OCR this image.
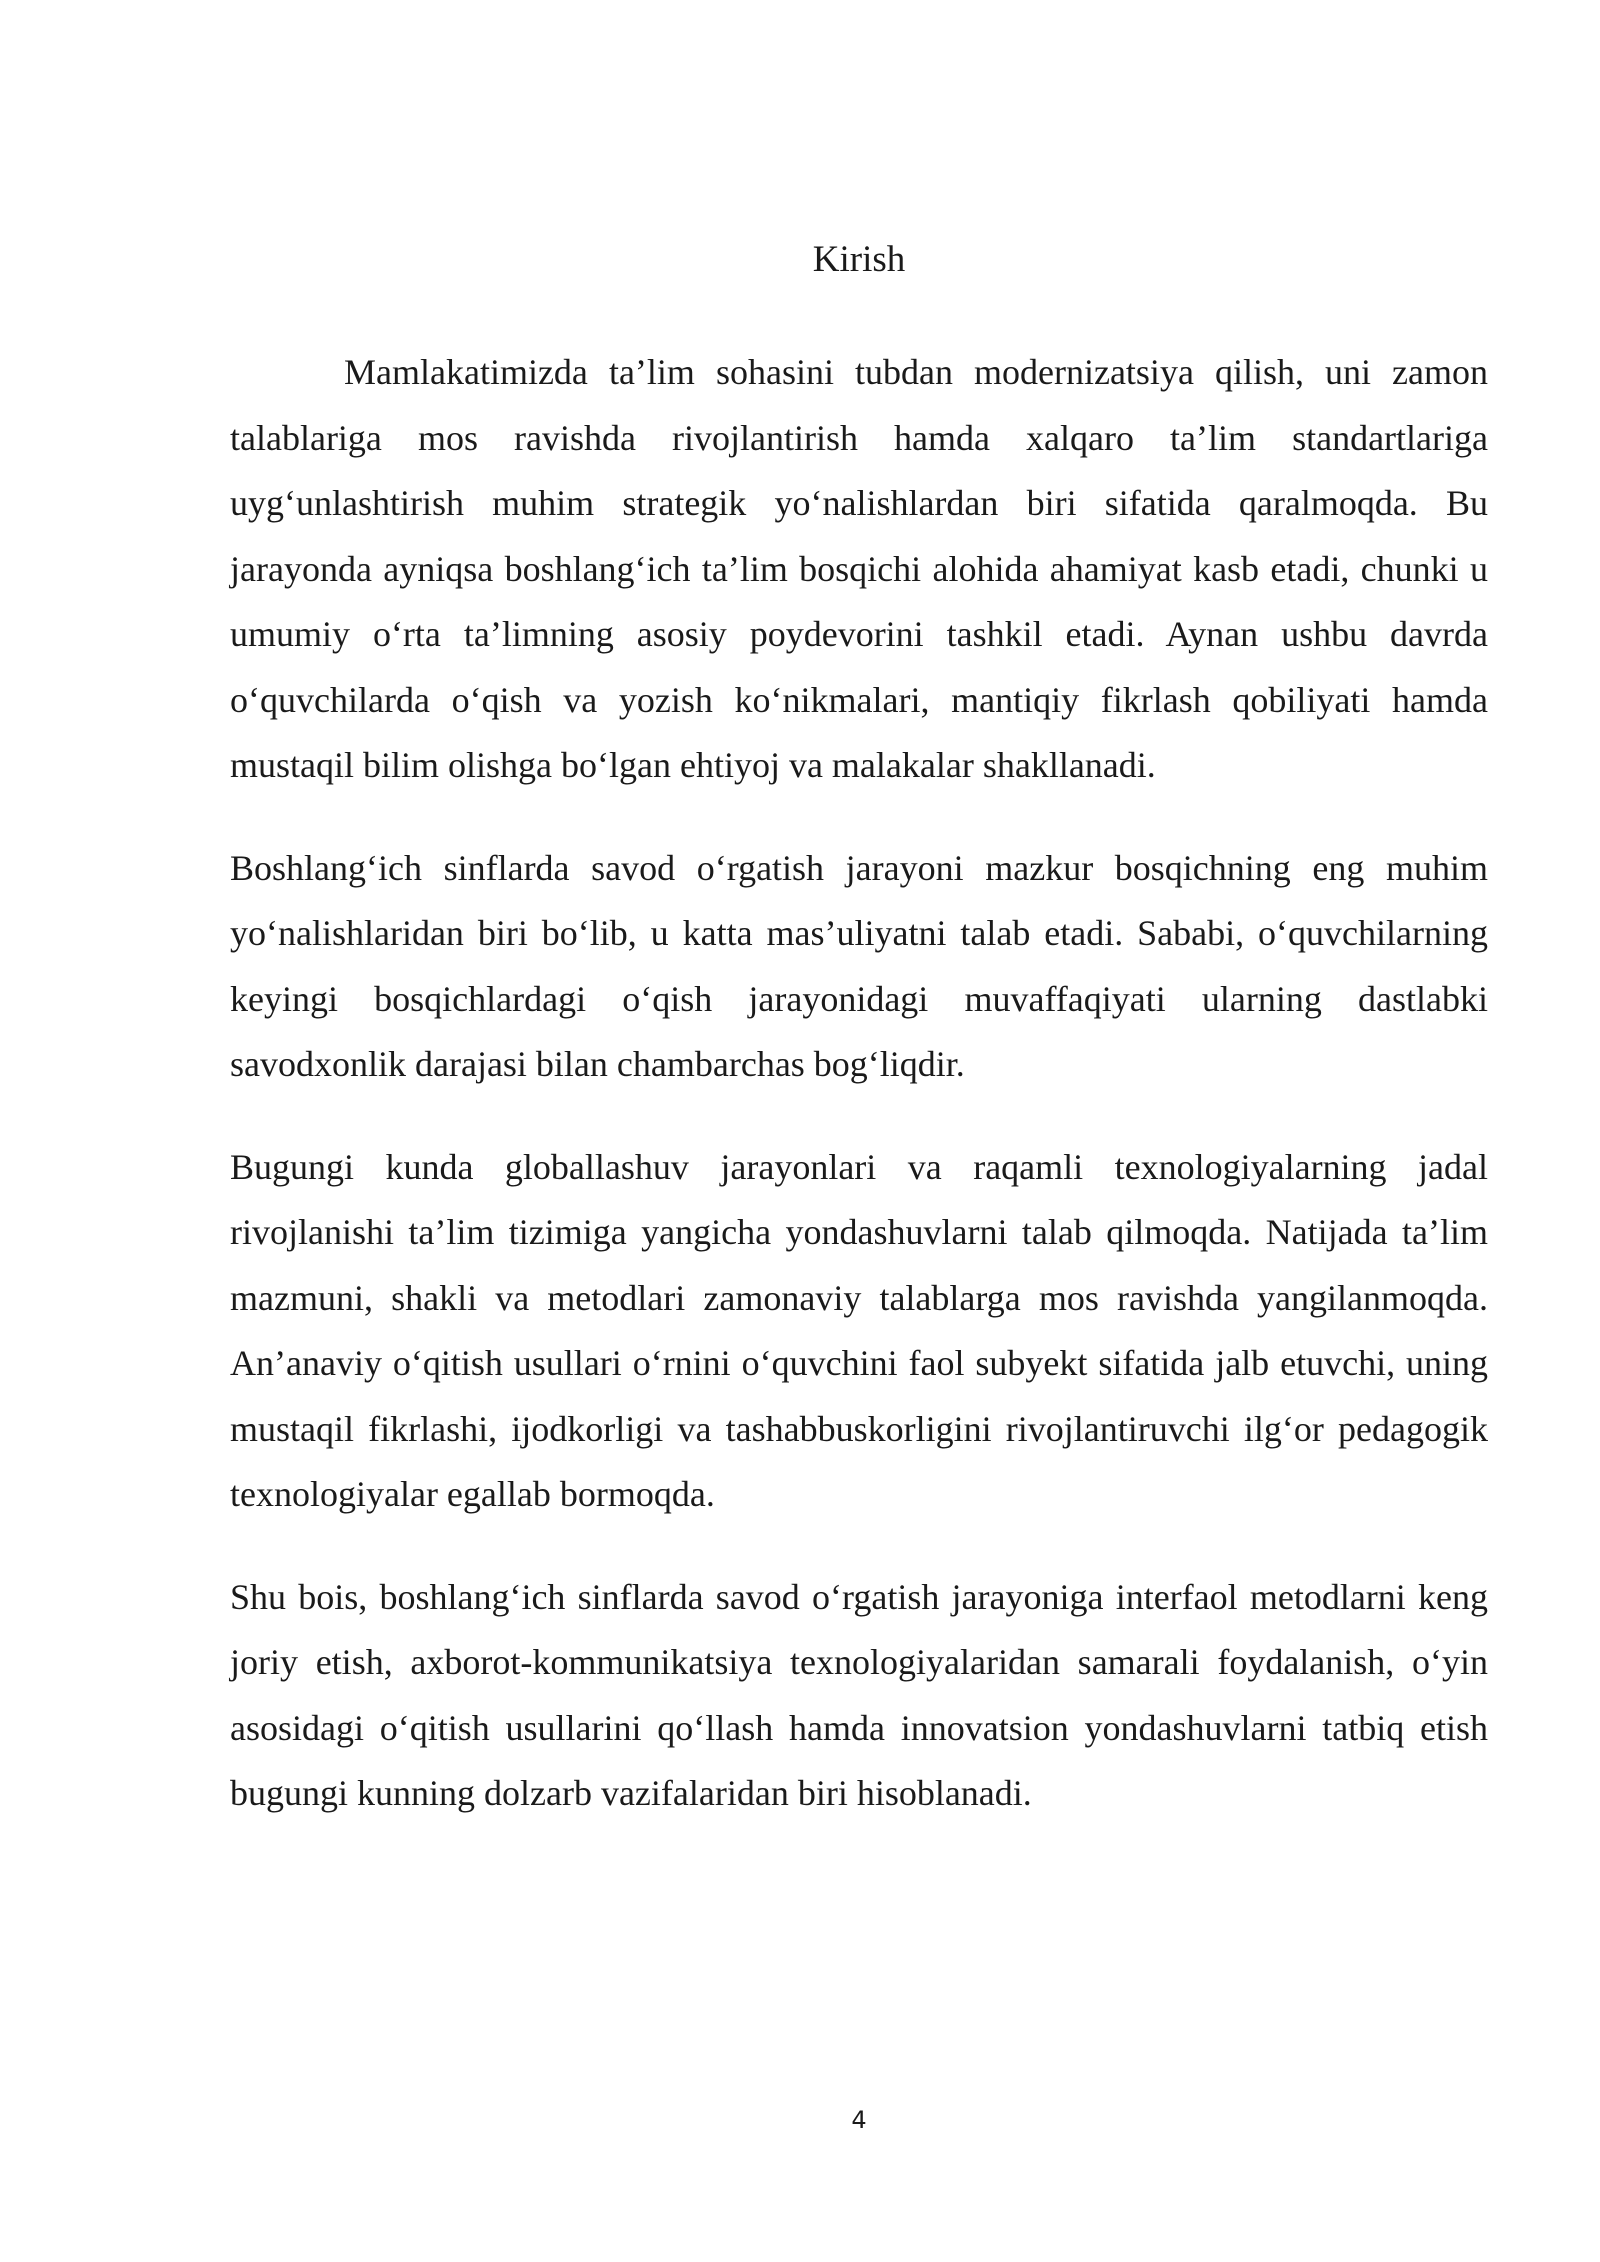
Kirish

Mamlakatimizda ta’lim sohasini tubdan modernizatsiya qilish, uni zamon talablariga mos ravishda rivojlantirish hamda xalqaro ta’lim standartlariga uyg‘unlashtirish muhim strategik yo‘nalishlardan biri sifatida qaralmoqda. Bu jarayonda ayniqsa boshlang‘ich ta’lim bosqichi alohida ahamiyat kasb etadi, chunki u umumiy o‘rta ta’limning asosiy poydevorini tashkil etadi. Aynan ushbu davrda o‘quvchilarda o‘qish va yozish ko‘nikmalari, mantiqiy fikrlash qobiliyati hamda mustaqil bilim olishga bo‘lgan ehtiyoj va malakalar shakllanadi.

Boshlang‘ich sinflarda savod o‘rgatish jarayoni mazkur bosqichning eng muhim yo‘nalishlaridan biri bo‘lib, u katta mas’uliyatni talab etadi. Sababi, o‘quvchilarning keyingi bosqichlardagi o‘qish jarayonidagi muvaffaqiyati ularning dastlabki savodxonlik darajasi bilan chambarchas bog‘liqdir.

Bugungi kunda globallashuv jarayonlari va raqamli texnologiyalarning jadal rivojlanishi ta’lim tizimiga yangicha yondashuvlarni talab qilmoqda. Natijada ta’lim mazmuni, shakli va metodlari zamonaviy talablarga mos ravishda yangilanmoqda. An’anaviy o‘qitish usullari o‘rnini o‘quvchini faol subyekt sifatida jalb etuvchi, uning mustaqil fikrlashi, ijodkorligi va tashabbuskorligini rivojlantiruvchi ilg‘or pedagogik texnologiyalar egallab bormoqda.

Shu bois, boshlang‘ich sinflarda savod o‘rgatish jarayoniga interfaol metodlarni keng joriy etish, axborot-kommunikatsiya texnologiyalaridan samarali foydalanish, o‘yin asosidagi o‘qitish usullarini qo‘llash hamda innovatsion yondashuvlarni tatbiq etish bugungi kunning dolzarb vazifalaridan biri hisoblanadi.

4
